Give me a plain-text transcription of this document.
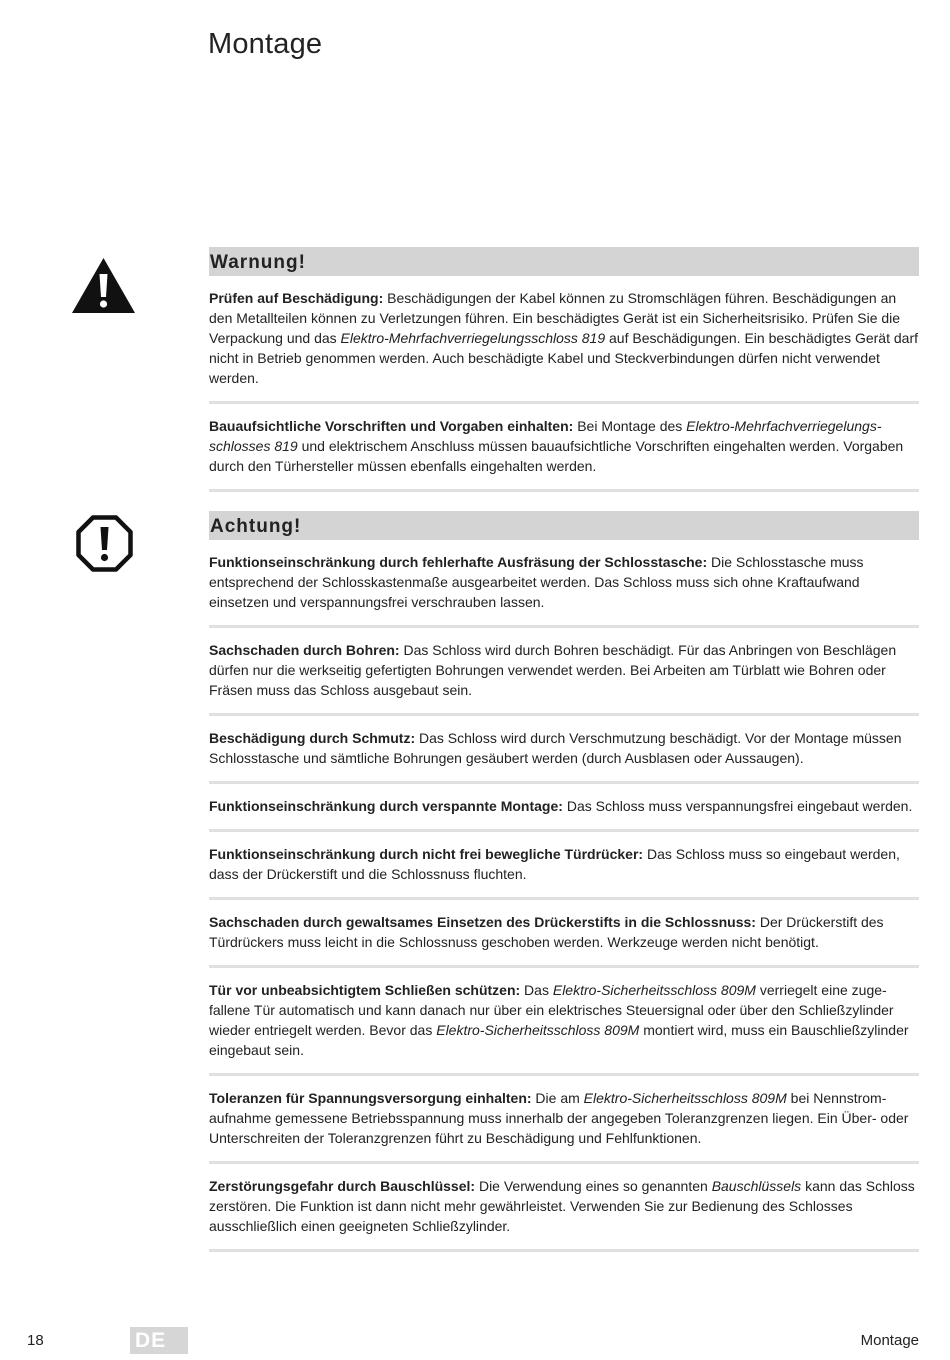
Montage
Warnung!
Prüfen auf Beschädigung: Beschädigungen der Kabel können zu Stromschlägen führen. Beschädigungen an den Metallteilen können zu Verletzungen führen. Ein beschädigtes Gerät ist ein Sicherheitsrisiko. Prüfen Sie die Verpackung und das Elektro-Mehrfachverriegelungsschloss 819 auf Beschädigungen. Ein beschädigtes Gerät darf nicht in Betrieb genommen werden. Auch beschädigte Kabel und Steckverbindungen dürfen nicht verwendet werden.
Bauaufsichtliche Vorschriften und Vorgaben einhalten: Bei Montage des Elektro-Mehrfachverriegelungsschlosses 819 und elektrischem Anschluss müssen bauaufsichtliche Vorschriften eingehalten werden. Vorgaben durch den Türhersteller müssen ebenfalls eingehalten werden.
Achtung!
Funktionseinschränkung durch fehlerhafte Ausfräsung der Schlosstasche: Die Schlosstasche muss entsprechend der Schlosskastenmaße ausgearbeitet werden. Das Schloss muss sich ohne Kraftaufwand einsetzen und verspannungsfrei verschrauben lassen.
Sachschaden durch Bohren: Das Schloss wird durch Bohren beschädigt. Für das Anbringen von Beschlägen dürfen nur die werkseitig gefertigten Bohrungen verwendet werden. Bei Arbeiten am Türblatt wie Bohren oder Fräsen muss das Schloss ausgebaut sein.
Beschädigung durch Schmutz: Das Schloss wird durch Verschmutzung beschädigt. Vor der Montage müssen Schlosstasche und sämtliche Bohrungen gesäubert werden (durch Ausblasen oder Aussaugen).
Funktionseinschränkung durch verspannte Montage: Das Schloss muss verspannungsfrei eingebaut werden.
Funktionseinschränkung durch nicht frei bewegliche Türdrücker: Das Schloss muss so eingebaut werden, dass der Drückerstift und die Schlossnuss fluchten.
Sachschaden durch gewaltsames Einsetzen des Drückerstifts in die Schlossnuss: Der Drückerstift des Türdrückers muss leicht in die Schlossnuss geschoben werden. Werkzeuge werden nicht benötigt.
Tür vor unbeabsichtigtem Schließen schützen: Das Elektro-Sicherheitsschloss 809M verriegelt eine zugefallene Tür automatisch und kann danach nur über ein elektrisches Steuersignal oder über den Schließzylinder wieder entriegelt werden. Bevor das Elektro-Sicherheitsschloss 809M montiert wird, muss ein Bauschließzylinder eingebaut sein.
Toleranzen für Spannungsversorgung einhalten: Die am Elektro-Sicherheitsschloss 809M bei Nennstromaufnahme gemessene Betriebsspannung muss innerhalb der angegeben Toleranzgrenzen liegen. Ein Über- oder Unterschreiten der Toleranzgrenzen führt zu Beschädigung und Fehlfunktionen.
Zerstörungsgefahr durch Bauschlüssel: Die Verwendung eines so genannten Bauschlüssels kann das Schloss zerstören. Die Funktion ist dann nicht mehr gewährleistet. Verwenden Sie zur Bedienung des Schlosses ausschließlich einen geeigneten Schließzylinder.
18	DE	Montage
